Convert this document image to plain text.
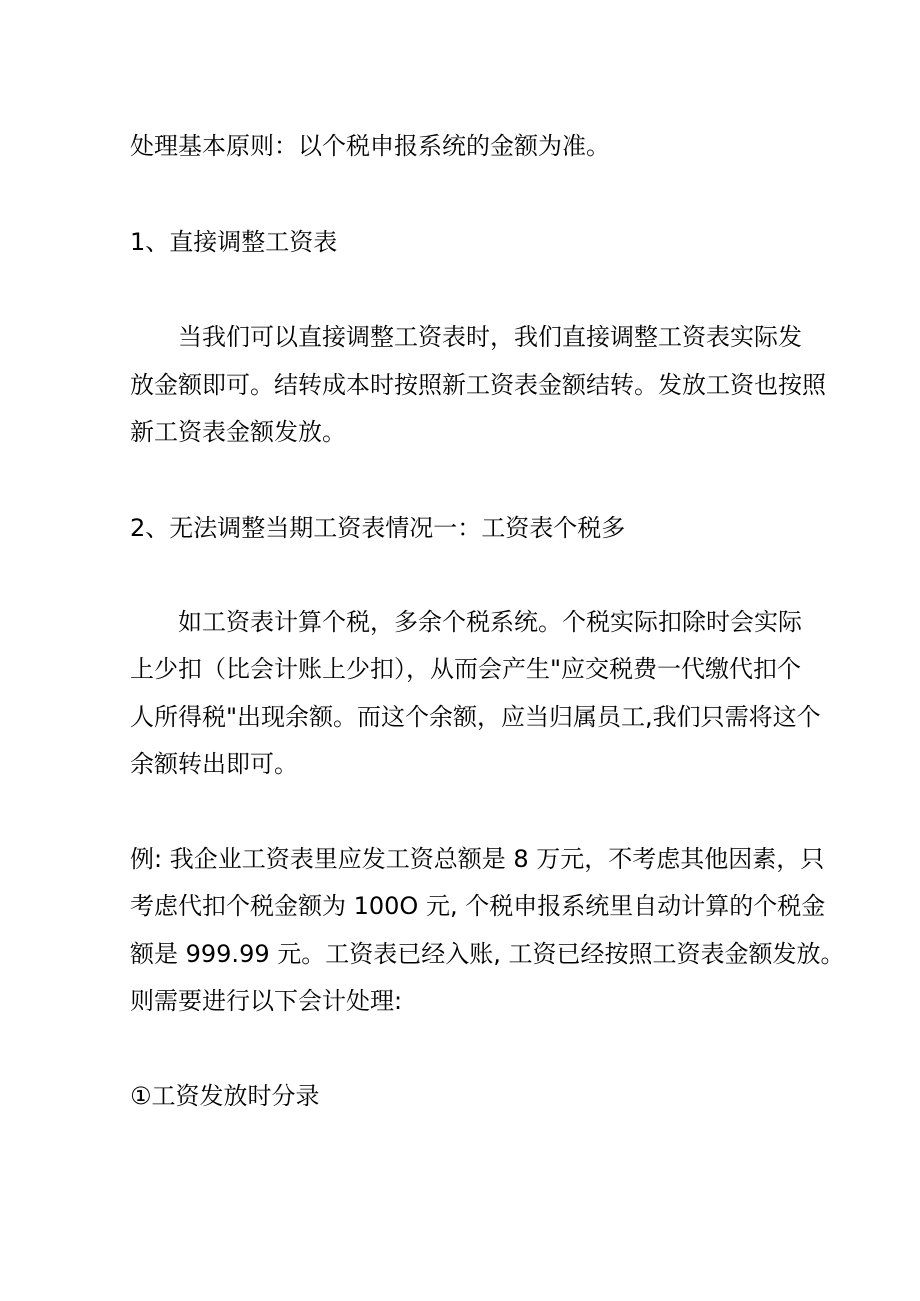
处理基本原则：以个税申报系统的金额为准。
1、直接调整工资表
当我们可以直接调整工资表时，我们直接调整工资表实际发
放金额即可。结转成本时按照新工资表金额结转。发放工资也按照
新工资表金额发放。
2、无法调整当期工资表情况一：工资表个税多
如工资表计算个税，多余个税系统。个税实际扣除时会实际
上少扣（比会计账上少扣），从而会产生"应交税费一代缴代扣个
人所得税"出现余额。而这个余额，应当归属员工,我们只需将这个
余额转出即可。
例: 我企业工资表里应发工资总额是 8 万元，不考虑其他因素，只
考虑代扣个税金额为 100O 元, 个税申报系统里自动计算的个税金
额是 999.99 元。工资表已经入账, 工资已经按照工资表金额发放。
则需要进行以下会计处理:
①工资发放时分录
